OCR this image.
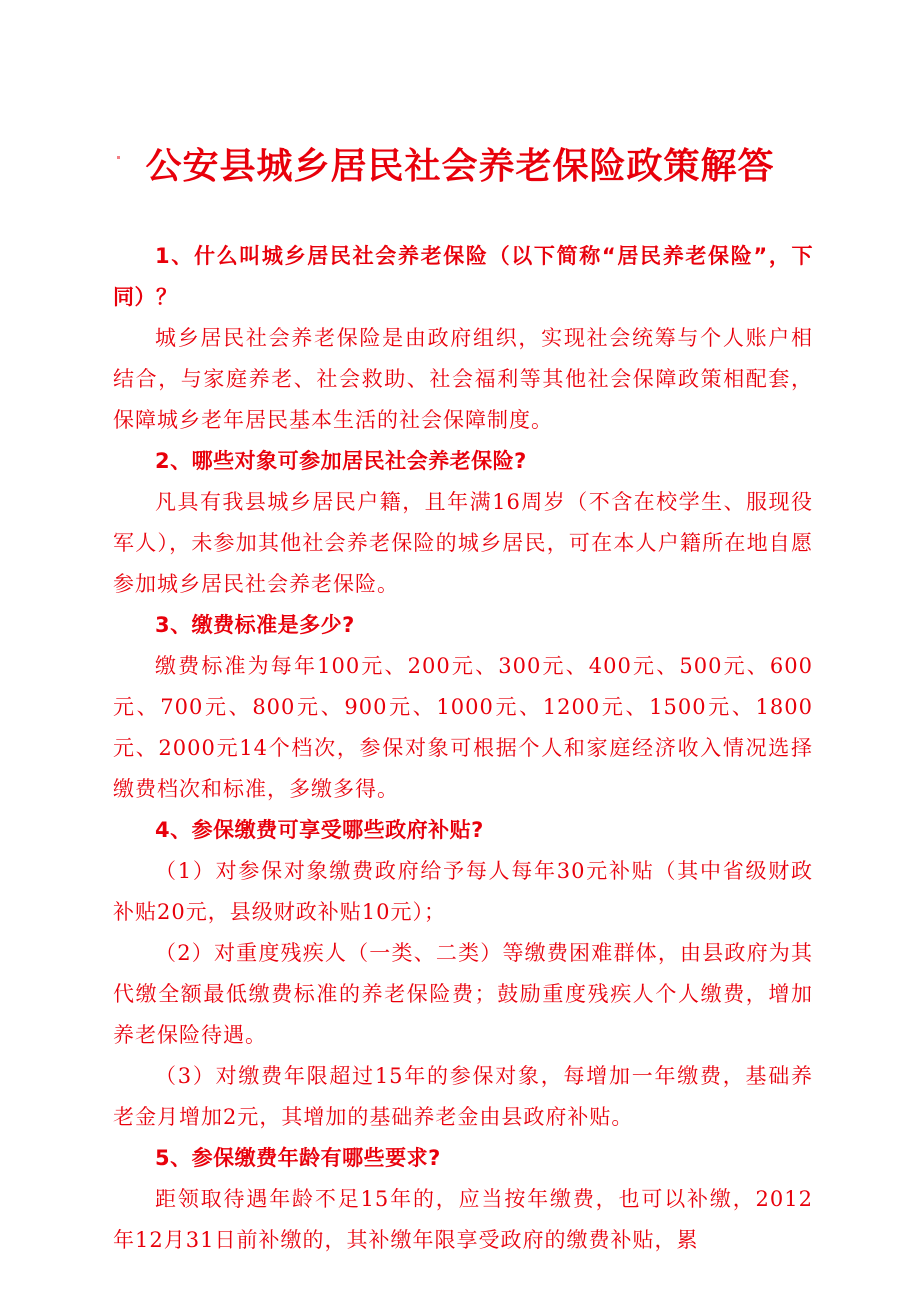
公安县城乡居民社会养老保险政策解答

1、什么叫城乡居民社会养老保险（以下简称“居民养老保险”，下同）？

城乡居民社会养老保险是由政府组织，实现社会统筹与个人账户相结合，与家庭养老、社会救助、社会福利等其他社会保障政策相配套，保障城乡老年居民基本生活的社会保障制度。

2、哪些对象可参加居民社会养老保险?

凡具有我县城乡居民户籍，且年满16周岁（不含在校学生、服现役军人），未参加其他社会养老保险的城乡居民，可在本人户籍所在地自愿参加城乡居民社会养老保险。

3、缴费标准是多少?

缴费标准为每年100元、200元、300元、400元、500元、600元、700元、800元、900元、1000元、1200元、1500元、1800元、2000元14个档次，参保对象可根据个人和家庭经济收入情况选择缴费档次和标准，多缴多得。

4、参保缴费可享受哪些政府补贴?

（1）对参保对象缴费政府给予每人每年30元补贴（其中省级财政补贴20元，县级财政补贴10元）；

（2）对重度残疾人（一类、二类）等缴费困难群体，由县政府为其代缴全额最低缴费标准的养老保险费；鼓励重度残疾人个人缴费，增加养老保险待遇。

（3）对缴费年限超过15年的参保对象，每增加一年缴费，基础养老金月增加2元，其增加的基础养老金由县政府补贴。

5、参保缴费年龄有哪些要求?

距领取待遇年龄不足15年的，应当按年缴费，也可以补缴，2012年12月31日前补缴的，其补缴年限享受政府的缴费补贴，累
